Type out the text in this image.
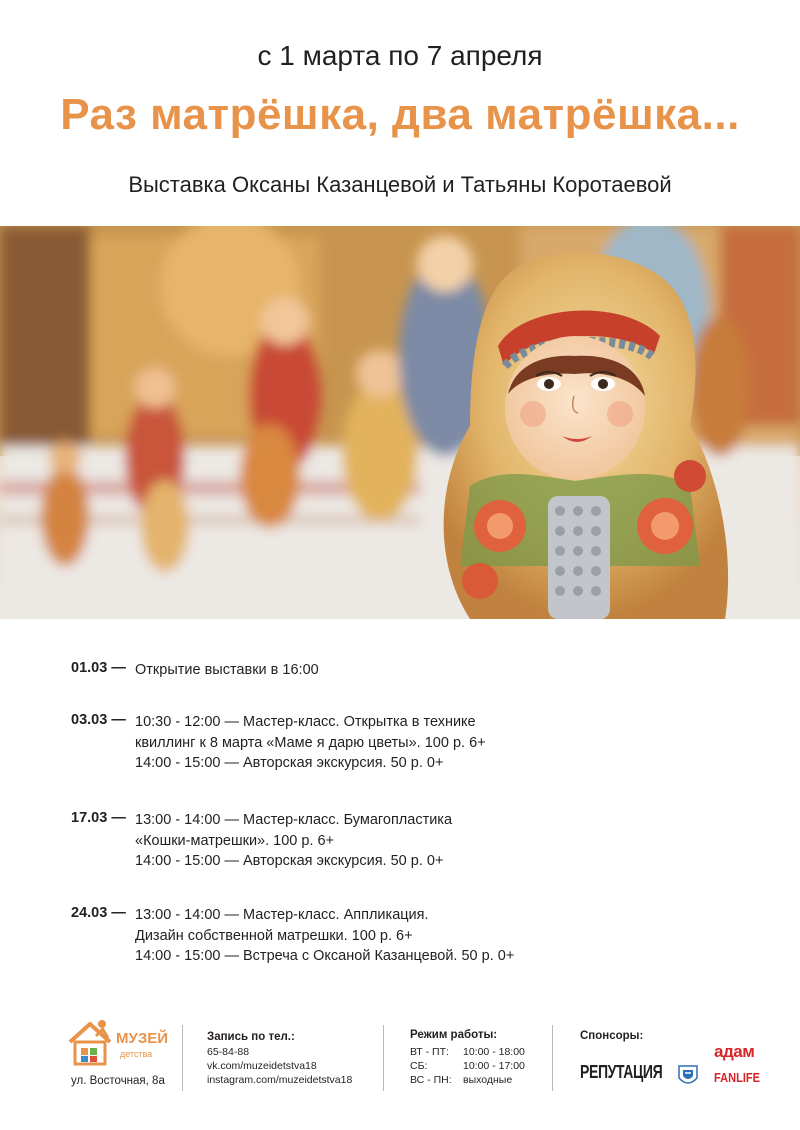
с 1 марта по 7 апреля
Раз матрёшка, два матрёшка...
Выставка Оксаны Казанцевой и Татьяны Коротаевой
01.03 — Открытие выставки в 16:00
03.03 — 10:30 - 12:00 — Мастер-класс. Открытка в технике
квиллинг к 8 марта «Маме я дарю цветы». 100 р. 6+
14:00 - 15:00 — Авторская экскурсия. 50 р. 0+
17.03 — 13:00 - 14:00 — Мастер-класс. Бумагопластика
«Кошки-матрешки». 100 р. 6+
14:00 - 15:00 — Авторская экскурсия. 50 р. 0+
24.03 — 13:00 - 14:00 — Мастер-класс. Аппликация.
Дизайн собственной матрешки. 100 р. 6+
14:00 - 15:00 — Встреча с Оксаной Казанцевой. 50 р. 0+
МУЗЕЙ
детства
ул. Восточная, 8а
Запись по тел.:
65-84-88
vk.com/muzeidetstva18
instagram.com/muzeidetstva18
Режим работы:
ВТ - ПТ: 10:00 - 18:00
СБ:	10:00 - 17:00
ВС - ПН: выходные
Спонсоры:
РЕПУТАЦИЯ
адам
FANLIFE
